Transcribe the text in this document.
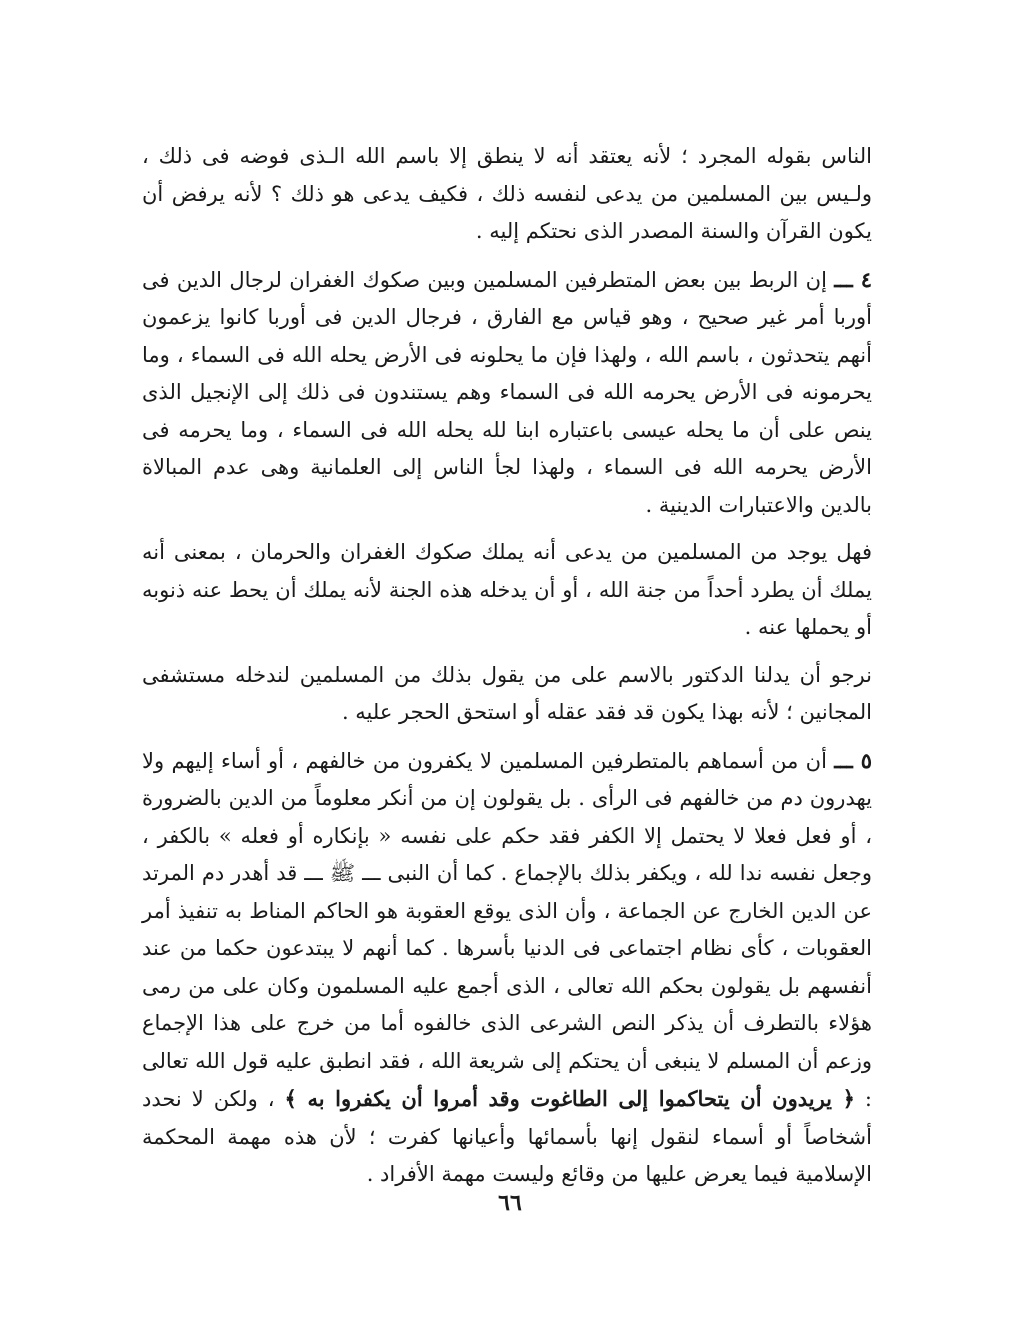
الناس بقوله المجرد ؛ لأنه يعتقد أنه لا ينطق إلا باسم الله الـذى فوضه فى ذلك ، ولـيس بين المسلمين من يدعى لنفسه ذلك ، فكيف يدعى هو ذلك ؟ لأنه يرفض أن يكون القرآن والسنة المصدر الذى نحتكم إليه .

٤ ـــ إن الربط بين بعض المتطرفين المسلمين وبين صكوك الغفران لرجال الدين فى أوربا أمر غير صحيح ، وهو قياس مع الفارق ، فرجال الدين فى أوربا كانوا يزعمون أنهم يتحدثون ، باسم الله ، ولهذا فإن ما يحلونه فى الأرض يحله الله فى السماء ، وما يحرمونه فى الأرض يحرمه الله فى السماء وهم يستندون فى ذلك إلى الإنجيل الذى ينص على أن ما يحله عيسى باعتباره ابنا لله يحله الله فى السماء ، وما يحرمه فى الأرض يحرمه الله فى السماء ، ولهذا لجأ الناس إلى العلمانية وهى عدم المبالاة بالدين والاعتبارات الدينية .

فهل يوجد من المسلمين من يدعى أنه يملك صكوك الغفران والحرمان ، بمعنى أنه يملك أن يطرد أحداً من جنة الله ، أو أن يدخله هذه الجنة لأنه يملك أن يحط عنه ذنوبه أو يحملها عنه .

نرجو أن يدلنا الدكتور بالاسم على من يقول بذلك من المسلمين لندخله مستشفى المجانين ؛ لأنه بهذا يكون قد فقد عقله أو استحق الحجر عليه .

٥ ـــ أن من أسماهم بالمتطرفين المسلمين لا يكفرون من خالفهم ، أو أساء إليهم ولا يهدرون دم من خالفهم فى الرأى . بل يقولون إن من أنكر معلوماً من الدين بالضرورة ، أو فعل فعلا لا يحتمل إلا الكفر فقد حكم على نفسه « بإنكاره أو فعله » بالكفر ، وجعل نفسه ندا لله ، ويكفر بذلك بالإجماع . كما أن النبى ـــ ﷺ ـــ قد أهدر دم المرتد عن الدين الخارج عن الجماعة ، وأن الذى يوقع العقوبة هو الحاكم المناط به تنفيذ أمر العقوبات ، كأى نظام اجتماعى فى الدنيا بأسرها . كما أنهم لا يبتدعون حكما من عند أنفسهم بل يقولون بحكم الله تعالى ، الذى أجمع عليه المسلمون وكان على من رمى هؤلاء بالتطرف أن يذكر النص الشرعى الذى خالفوه أما من خرج على هذا الإجماع وزعم أن المسلم لا ينبغى أن يحتكم إلى شريعة الله ، فقد انطبق عليه قول الله تعالى : ﴿ يريدون أن يتحاكموا إلى الطاغوت وقد أمروا أن يكفروا به ﴾ ، ولكن لا نحدد أشخاصاً أو أسماء لنقول إنها بأسمائها وأعيانها كفرت ؛ لأن هذه مهمة المحكمة الإسلامية فيما يعرض عليها من وقائع وليست مهمة الأفراد .

٦٦
